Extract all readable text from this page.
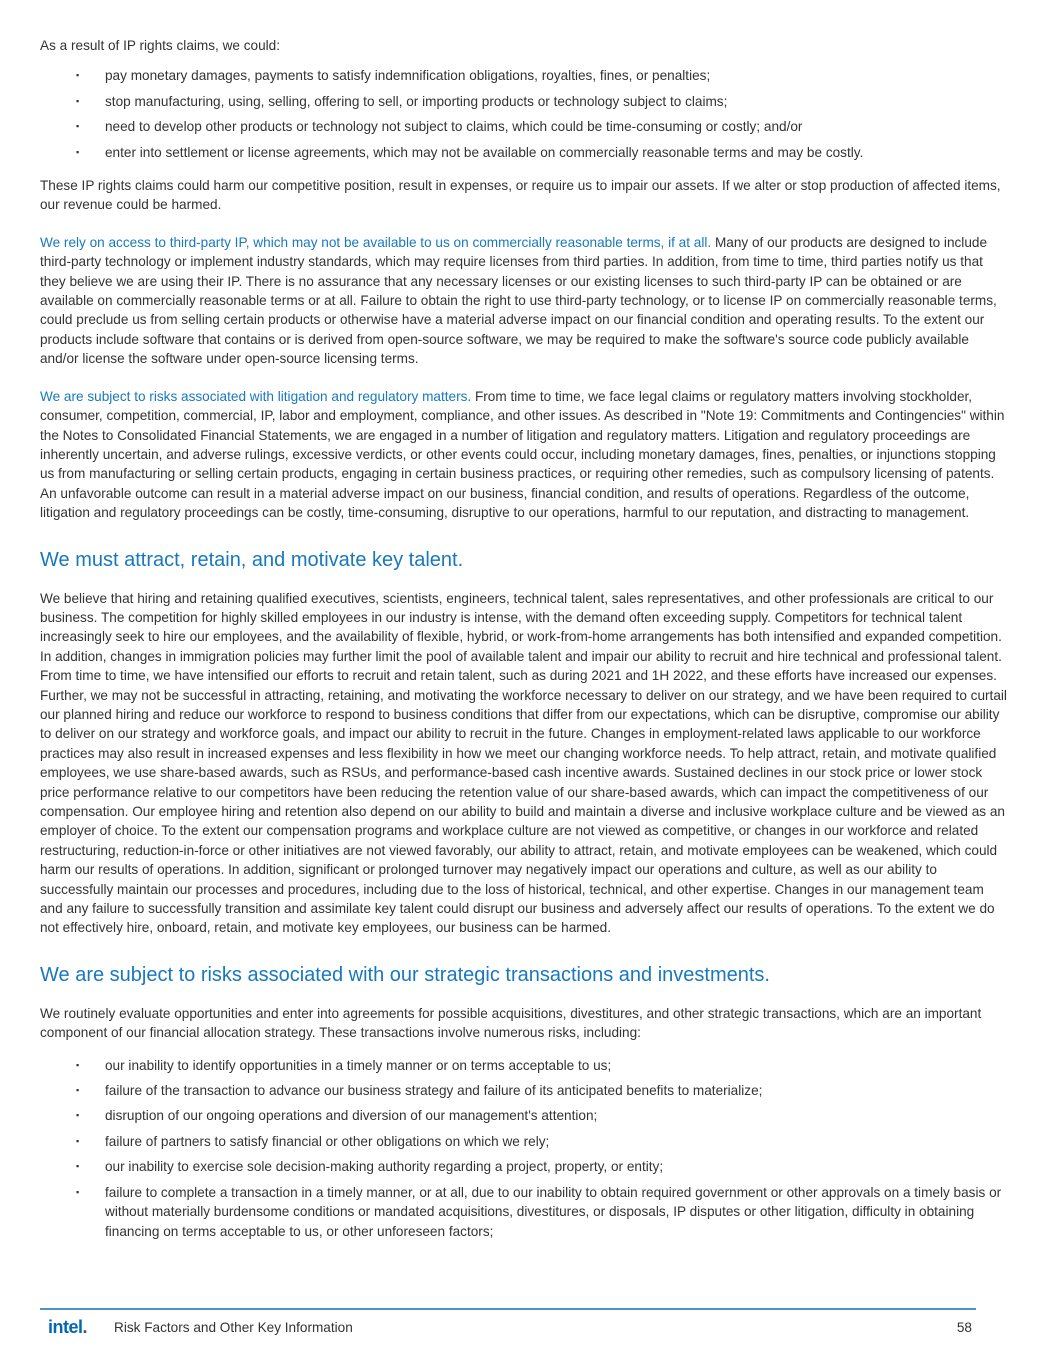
As a result of IP rights claims, we could:

▪	pay monetary damages, payments to satisfy indemnification obligations, royalties, fines, or penalties;
▪	stop manufacturing, using, selling, offering to sell, or importing products or technology subject to claims;
▪	need to develop other products or technology not subject to claims, which could be time-consuming or costly; and/or
▪	enter into settlement or license agreements, which may not be available on commercially reasonable terms and may be costly.

These IP rights claims could harm our competitive position, result in expenses, or require us to impair our assets. If we alter or stop production of affected items, our revenue could be harmed.

We rely on access to third-party IP, which may not be available to us on commercially reasonable terms, if at all. Many of our products are designed to include third-party technology or implement industry standards, which may require licenses from third parties. In addition, from time to time, third parties notify us that they believe we are using their IP. There is no assurance that any necessary licenses or our existing licenses to such third-party IP can be obtained or are available on commercially reasonable terms or at all. Failure to obtain the right to use third-party technology, or to license IP on commercially reasonable terms, could preclude us from selling certain products or otherwise have a material adverse impact on our financial condition and operating results. To the extent our products include software that contains or is derived from open-source software, we may be required to make the software's source code publicly available and/or license the software under open-source licensing terms.

We are subject to risks associated with litigation and regulatory matters. From time to time, we face legal claims or regulatory matters involving stockholder, consumer, competition, commercial, IP, labor and employment, compliance, and other issues. As described in "Note 19: Commitments and Contingencies" within the Notes to Consolidated Financial Statements, we are engaged in a number of litigation and regulatory matters. Litigation and regulatory proceedings are inherently uncertain, and adverse rulings, excessive verdicts, or other events could occur, including monetary damages, fines, penalties, or injunctions stopping us from manufacturing or selling certain products, engaging in certain business practices, or requiring other remedies, such as compulsory licensing of patents. An unfavorable outcome can result in a material adverse impact on our business, financial condition, and results of operations. Regardless of the outcome, litigation and regulatory proceedings can be costly, time-consuming, disruptive to our operations, harmful to our reputation, and distracting to management.

We must attract, retain, and motivate key talent.

We believe that hiring and retaining qualified executives, scientists, engineers, technical talent, sales representatives, and other professionals are critical to our business. The competition for highly skilled employees in our industry is intense, with the demand often exceeding supply. Competitors for technical talent increasingly seek to hire our employees, and the availability of flexible, hybrid, or work-from-home arrangements has both intensified and expanded competition. In addition, changes in immigration policies may further limit the pool of available talent and impair our ability to recruit and hire technical and professional talent. From time to time, we have intensified our efforts to recruit and retain talent, such as during 2021 and 1H 2022, and these efforts have increased our expenses. Further, we may not be successful in attracting, retaining, and motivating the workforce necessary to deliver on our strategy, and we have been required to curtail our planned hiring and reduce our workforce to respond to business conditions that differ from our expectations, which can be disruptive, compromise our ability to deliver on our strategy and workforce goals, and impact our ability to recruit in the future. Changes in employment-related laws applicable to our workforce practices may also result in increased expenses and less flexibility in how we meet our changing workforce needs. To help attract, retain, and motivate qualified employees, we use share-based awards, such as RSUs, and performance-based cash incentive awards. Sustained declines in our stock price or lower stock price performance relative to our competitors have been reducing the retention value of our share-based awards, which can impact the competitiveness of our compensation. Our employee hiring and retention also depend on our ability to build and maintain a diverse and inclusive workplace culture and be viewed as an employer of choice. To the extent our compensation programs and workplace culture are not viewed as competitive, or changes in our workforce and related restructuring, reduction-in-force or other initiatives are not viewed favorably, our ability to attract, retain, and motivate employees can be weakened, which could harm our results of operations. In addition, significant or prolonged turnover may negatively impact our operations and culture, as well as our ability to successfully maintain our processes and procedures, including due to the loss of historical, technical, and other expertise. Changes in our management team and any failure to successfully transition and assimilate key talent could disrupt our business and adversely affect our results of operations. To the extent we do not effectively hire, onboard, retain, and motivate key employees, our business can be harmed.

We are subject to risks associated with our strategic transactions and investments.

We routinely evaluate opportunities and enter into agreements for possible acquisitions, divestitures, and other strategic transactions, which are an important component of our financial allocation strategy. These transactions involve numerous risks, including:

▪	our inability to identify opportunities in a timely manner or on terms acceptable to us;
▪	failure of the transaction to advance our business strategy and failure of its anticipated benefits to materialize;
▪	disruption of our ongoing operations and diversion of our management's attention;
▪	failure of partners to satisfy financial or other obligations on which we rely;
▪	our inability to exercise sole decision-making authority regarding a project, property, or entity;
▪	failure to complete a transaction in a timely manner, or at all, due to our inability to obtain required government or other approvals on a timely basis or without materially burdensome conditions or mandated acquisitions, divestitures, or disposals, IP disputes or other litigation, difficulty in obtaining financing on terms acceptable to us, or other unforeseen factors;
intel. Risk Factors and Other Key Information	58
